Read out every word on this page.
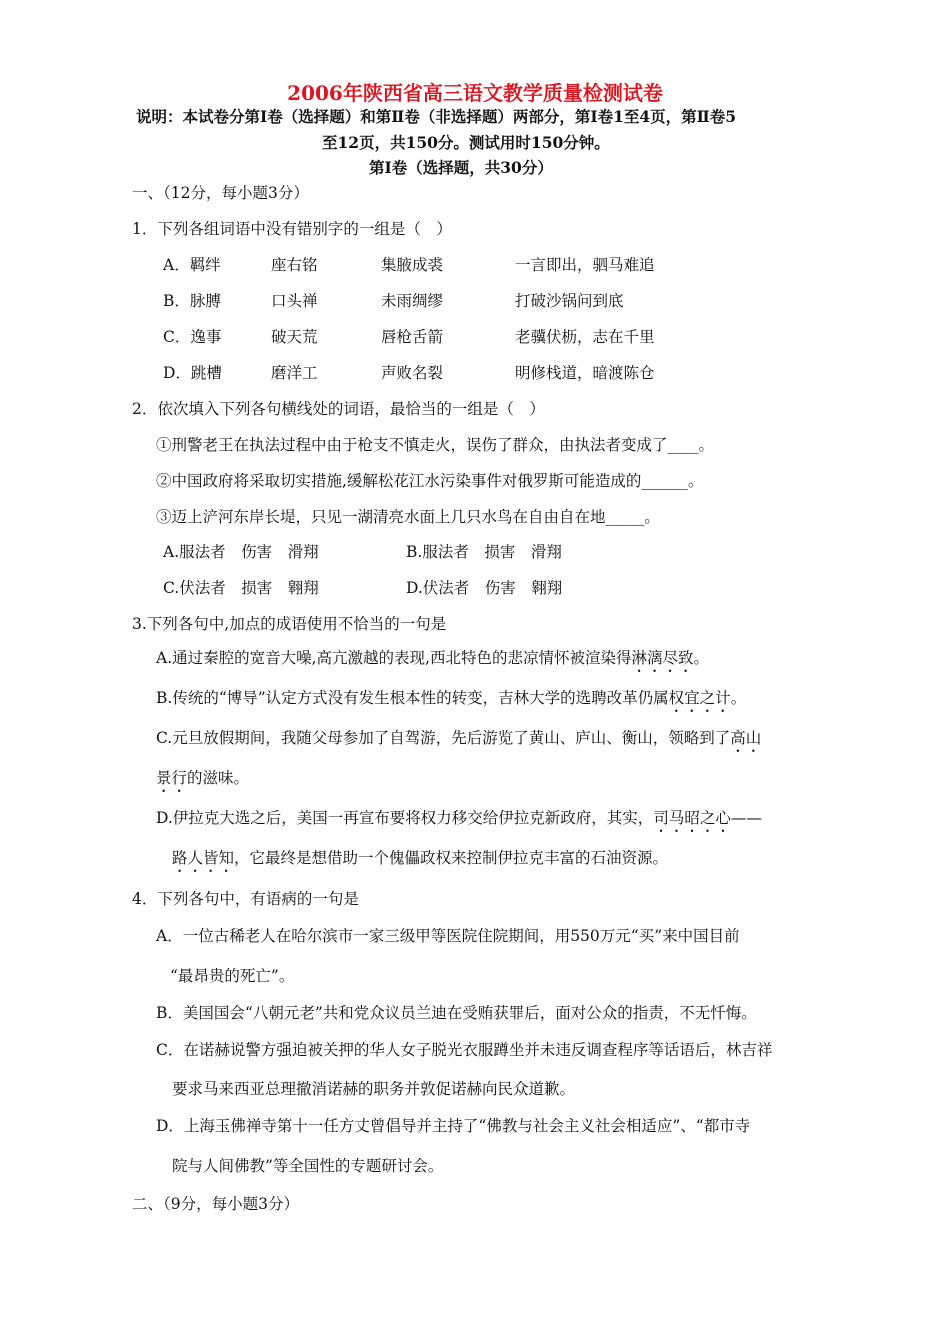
2006年陕西省高三语文教学质量检测试卷
说明：本试卷分第Ⅰ卷（选择题）和第Ⅱ卷（非选择题）两部分，第Ⅰ卷1至4页，第Ⅱ卷5
至12页，共150分。测试用时150分钟。
第Ⅰ卷（选择题，共30分）
一、（12分，每小题3分）
1．下列各组词语中没有错别字的一组是（　）
A．羁绊	座右铭	集腋成裘	一言即出，驷马难追
B．脉膊	口头禅	未雨绸缪	打破沙锅问到底
C．逸事	破天荒	唇枪舌箭	老骥伏枥，志在千里
D．跳槽	磨洋工	声败名裂	明修栈道，暗渡陈仓
2．依次填入下列各句横线处的词语，最恰当的一组是（　）
①刑警老王在执法过程中由于枪支不慎走火，误伤了群众，由执法者变成了____。
②中国政府将采取切实措施,缓解松花江水污染事件对俄罗斯可能造成的______。
③迈上浐河东岸长堤，只见一湖清亮水面上几只水鸟在自由自在地_____。
A.服法者　伤害　滑翔	B.服法者　损害　滑翔
C.伏法者　损害　翱翔	D.伏法者　伤害　翱翔
3.下列各句中,加点的成语使用不恰当的一句是
A.通过秦腔的宽音大噪,高亢激越的表现,西北特色的悲凉情怀被渲染得淋漓尽致。
B.传统的“博导”认定方式没有发生根本性的转变，吉林大学的选聘改革仍属权宜之计。
C.元旦放假期间，我随父母参加了自驾游，先后游览了黄山、庐山、衡山，领略到了高山
景行的滋味。
D.伊拉克大选之后，美国一再宣布要将权力移交给伊拉克新政府，其实，司马昭之心——
路人皆知，它最终是想借助一个傀儡政权来控制伊拉克丰富的石油资源。
4．下列各句中，有语病的一句是
A．一位古稀老人在哈尔滨市一家三级甲等医院住院期间，用550万元“买”来中国目前
“最昂贵的死亡”。
B．美国国会“八朝元老”共和党众议员兰迪在受贿获罪后，面对公众的指责，不无忏悔。
C．在诺赫说警方强迫被关押的华人女子脱光衣服蹲坐并未违反调查程序等话语后，林吉祥
要求马来西亚总理撤消诺赫的职务并敦促诺赫向民众道歉。
D．上海玉佛禅寺第十一任方丈曾倡导并主持了“佛教与社会主义社会相适应”、“都市寺
院与人间佛教”等全国性的专题研讨会。
二、（9分，每小题3分）
